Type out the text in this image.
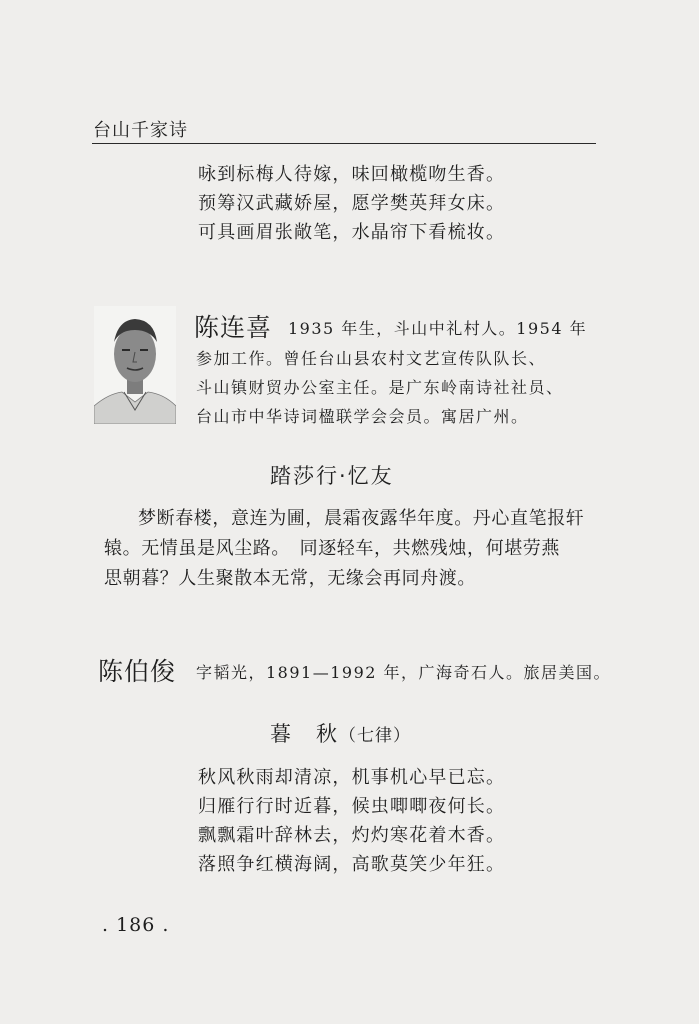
台山千家诗
咏到标梅人待嫁，味回橄榄吻生香。
预筹汉武藏娇屋，愿学樊英拜女床。
可具画眉张敞笔，水晶帘下看梳妆。
陈连喜 1935 年生，斗山中礼村人。1954 年
参加工作。曾任台山县农村文艺宣传队队长、
斗山镇财贸办公室主任。是广东岭南诗社社员、
台山市中华诗词楹联学会会员。寓居广州。
踏莎行·忆友
梦断春楼，意连为圃，晨霜夜露华年度。丹心直笔报轩
辕。无情虽是风尘路。　同逐轻车，共燃残烛，何堪劳燕
思朝暮？人生聚散本无常，无缘会再同舟渡。
陈伯俊 字韬光，1891—1992 年，广海奇石人。旅居美国。
暮　秋（七律）
秋风秋雨却清凉，机事机心早已忘。
归雁行行时近暮，候虫唧唧夜何长。
飘飘霜叶辞林去，灼灼寒花着木香。
落照争红横海阔，高歌莫笑少年狂。
. 186 .
